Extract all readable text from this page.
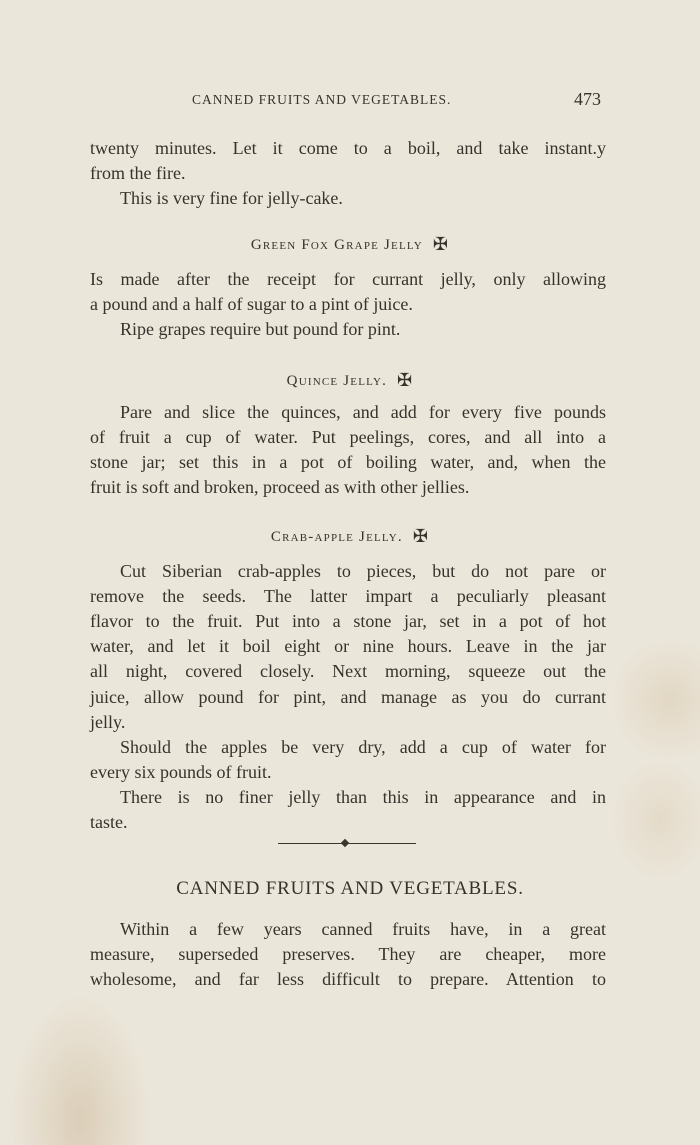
CANNED FRUITS AND VEGETABLES.	473
twenty minutes. Let it come to a boil, and take instant.y
from the fire.
This is very fine for jelly-cake.
Green Fox Grape Jelly ✠
Is made after the receipt for currant jelly, only allowing
a pound and a half of sugar to a pint of juice.
Ripe grapes require but pound for pint.
Quince Jelly. ✠
Pare and slice the quinces, and add for every five pounds
of fruit a cup of water. Put peelings, cores, and all into a
stone jar; set this in a pot of boiling water, and, when the
fruit is soft and broken, proceed as with other jellies.
Crab-apple Jelly. ✠
Cut Siberian crab-apples to pieces, but do not pare or
remove the seeds. The latter impart a peculiarly pleasant
flavor to the fruit. Put into a stone jar, set in a pot of hot
water, and let it boil eight or nine hours. Leave in the jar
all night, covered closely. Next morning, squeeze out the
juice, allow pound for pint, and manage as you do currant
jelly.
Should the apples be very dry, add a cup of water for
every six pounds of fruit.
There is no finer jelly than this in appearance and in
taste.
Within a few years canned fruits have, in a great
measure, superseded preserves. They are cheaper, more
wholesome, and far less difficult to prepare. Attention to
CANNED FRUITS AND VEGETABLES.
